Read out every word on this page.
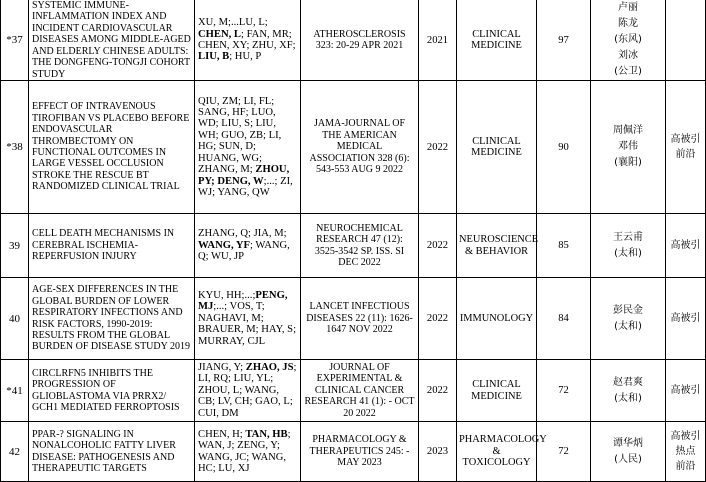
*37	SYSTEMIC IMMUNE-INFLAMMATION INDEX AND INCIDENT CARDIOVASCULAR DISEASES AMONG MIDDLE-AGED AND ELDERLY CHINESE ADULTS: THE DONGFENG-TONGJI COHORT STUDY	XU, M;...LU, L; CHEN, L; FAN, MR; CHEN, XY; ZHU, XF; LIU, B; HU, P	ATHEROSCLEROSIS 323: 20-29 APR 2021	2021	CLINICAL MEDICINE	97	卢丽
陈龙
(东风)
刘冰
(公卫)	

*38	EFFECT OF INTRAVENOUS TIROFIBAN VS PLACEBO BEFORE ENDOVASCULAR THROMBECTOMY ON FUNCTIONAL OUTCOMES IN LARGE VESSEL OCCLUSION STROKE THE RESCUE BT RANDOMIZED CLINICAL TRIAL	QIU, ZM; LI, FL; SANG, HF; LUO, WD; LIU, S; LIU, WH; GUO, ZB; LI, HG; SUN, D; HUANG, WG; ZHANG, M; ZHOU, PY; DENG, W;...; ZI, WJ; YANG, QW	JAMA-JOURNAL OF THE AMERICAN MEDICAL ASSOCIATION 328 (6): 543-553 AUG 9 2022	2022	CLINICAL MEDICINE	90	周佩洋
邓伟
(襄阳)	高被引
前沿

39	CELL DEATH MECHANISMS IN CEREBRAL ISCHEMIA-REPERFUSION INJURY	ZHANG, Q; JIA, M; WANG, YF; WANG, Q; WU, JP	NEUROCHEMICAL RESEARCH 47 (12): 3525-3542 SP. ISS. SI DEC 2022	2022	NEUROSCIENCE & BEHAVIOR	85	王云甫
(太和)	高被引

40	AGE-SEX DIFFERENCES IN THE GLOBAL BURDEN OF LOWER RESPIRATORY INFECTIONS AND RISK FACTORS, 1990-2019: RESULTS FROM THE GLOBAL BURDEN OF DISEASE STUDY 2019	KYU, HH;...;PENG, MJ;...; VOS, T; NAGHAVI, M; BRAUER, M; HAY, S; MURRAY, CJL	LANCET INFECTIOUS DISEASES 22 (11): 1626-1647 NOV 2022	2022	IMMUNOLOGY	84	彭民金
(太和)	高被引

*41	CIRCLRFN5 INHIBITS THE PROGRESSION OF GLIOBLASTOMA VIA PRRX2/ GCH1 MEDIATED FERROPTOSIS	JIANG, Y; ZHAO, JS; LI, RQ; LIU, YL; ZHOU, L; WANG, CB; LV, CH; GAO, L; CUI, DM	JOURNAL OF EXPERIMENTAL & CLINICAL CANCER RESEARCH 41 (1): - OCT 20 2022	2022	CLINICAL MEDICINE	72	赵君爽
(太和)	高被引

42	PPAR-? SIGNALING IN NONALCOHOLIC FATTY LIVER DISEASE: PATHOGENESIS AND THERAPEUTIC TARGETS	CHEN, H; TAN, HB; WAN, J; ZENG, Y; WANG, JC; WANG, HC; LU, XJ	PHARMACOLOGY & THERAPEUTICS 245: - MAY 2023	2023	PHARMACOLOGY & TOXICOLOGY	72	谭华炳
(人民)	高被引
热点
前沿
